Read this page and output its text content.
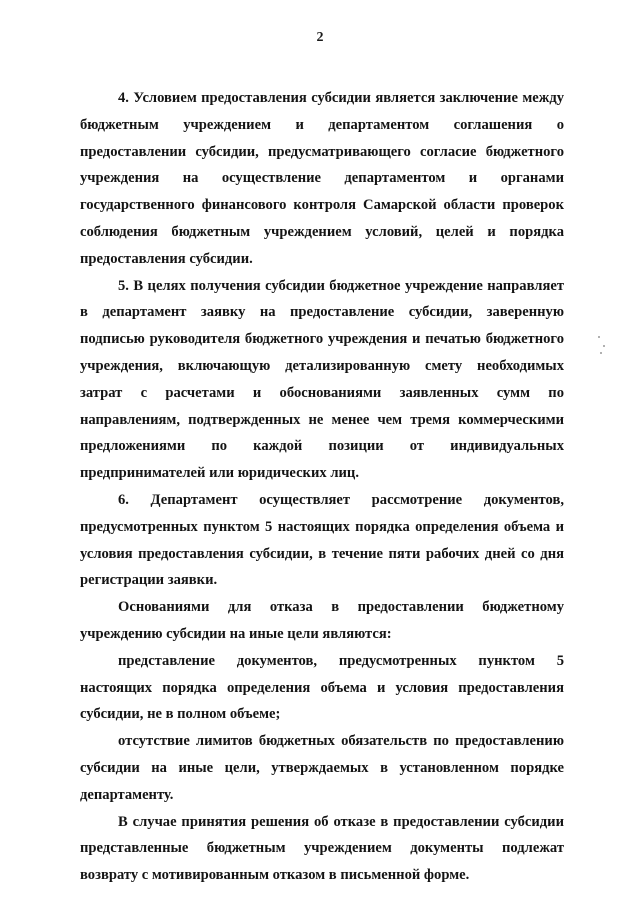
2

4. Условием предоставления субсидии является заключение между бюджетным учреждением и департаментом соглашения о предоставлении субсидии, предусматривающего согласие бюджетного учреждения на осуществление департаментом и органами государственного финансового контроля Самарской области проверок соблюдения бюджетным учреждением условий, целей и порядка предоставления субсидии.

5. В целях получения субсидии бюджетное учреждение направляет в департамент заявку на предоставление субсидии, заверенную подписью руководителя бюджетного учреждения и печатью бюджетного учреждения, включающую детализированную смету необходимых затрат с расчетами и обоснованиями заявленных сумм по направлениям, подтвержденных не менее чем тремя коммерческими предложениями по каждой позиции от индивидуальных предпринимателей или юридических лиц.

6. Департамент осуществляет рассмотрение документов, предусмотренных пунктом 5 настоящих порядка определения объема и условия предоставления субсидии, в течение пяти рабочих дней со дня регистрации заявки.

Основаниями для отказа в предоставлении бюджетному учреждению субсидии на иные цели являются:

представление документов, предусмотренных пунктом 5 настоящих порядка определения объема и условия предоставления субсидии, не в полном объеме;

отсутствие лимитов бюджетных обязательств по предоставлению субсидии на иные цели, утверждаемых в установленном порядке департаменту.

В случае принятия решения об отказе в предоставлении субсидии представленные бюджетным учреждением документы подлежат возврату с мотивированным отказом в письменной форме.
